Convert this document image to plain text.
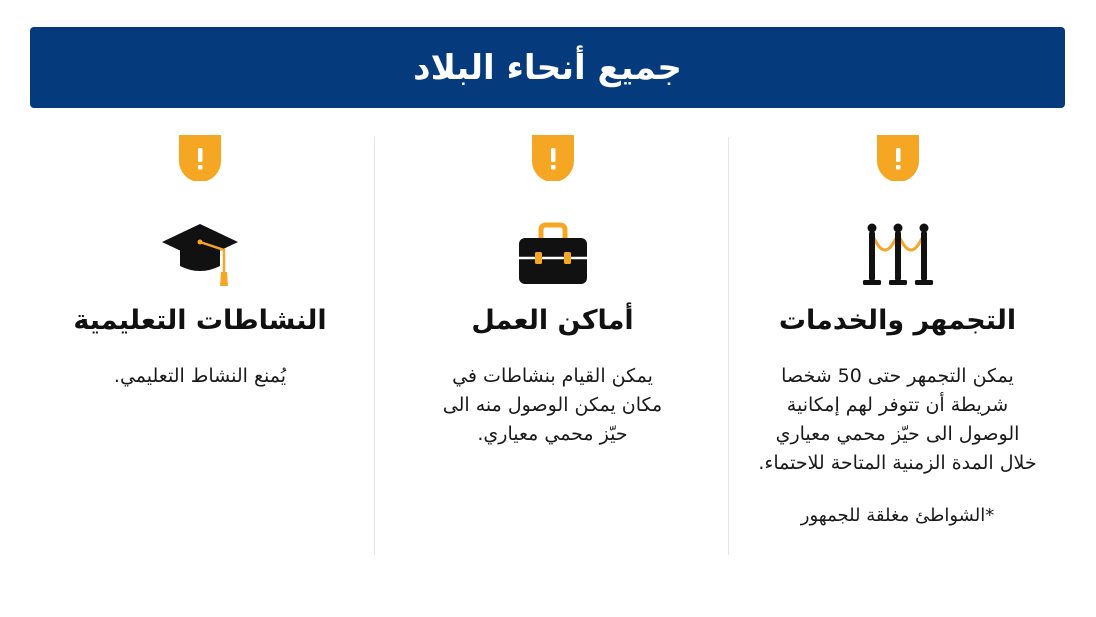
جميع أنحاء البلاد
التجمهر والخدمات
يمكن التجمهر حتى 50 شخصا
شريطة أن تتوفر لهم إمكانية
الوصول الى حيّز محمي معياري
خلال المدة الزمنية المتاحة للاحتماء.
*الشواطئ مغلقة للجمهور
أماكن العمل
يمكن القيام بنشاطات في
مكان يمكن الوصول منه الى
حيّز محمي معياري.
النشاطات التعليمية
يُمنع النشاط التعليمي.
